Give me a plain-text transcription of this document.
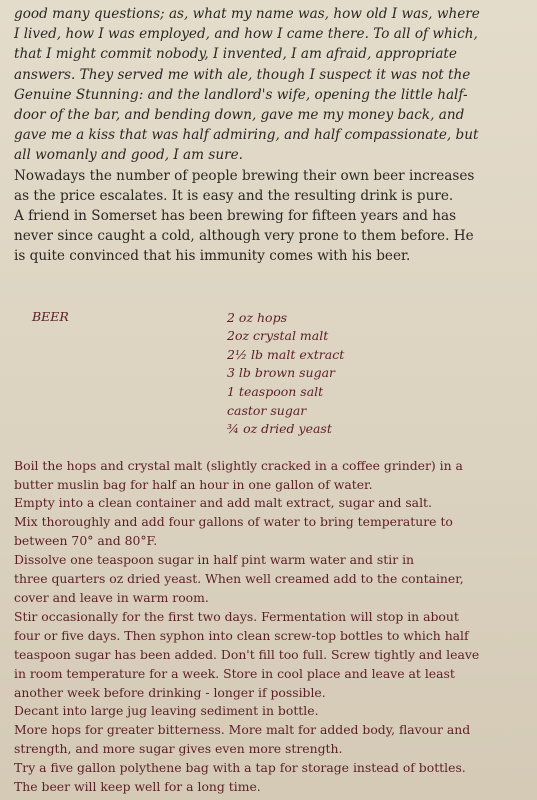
good many questions; as, what my name was, how old I was, where
I lived, how I was employed, and how I came there. To all of which,
that I might commit nobody, I invented, I am afraid, appropriate
answers. They served me with ale, though I suspect it was not the
Genuine Stunning: and the landlord's wife, opening the little half-
door of the bar, and bending down, gave me my money back, and
gave me a kiss that was half admiring, and half compassionate, but
all womanly and good, I am sure.

Nowadays the number of people brewing their own beer increases
as the price escalates. It is easy and the resulting drink is pure.
A friend in Somerset has been brewing for fifteen years and has
never since caught a cold, although very prone to them before. He
is quite convinced that his immunity comes with his beer.

BEER	2 oz hops
2oz crystal malt
2½ lb malt extract
3 lb brown sugar
1 teaspoon salt
castor sugar
¾ oz dried yeast
Boil the hops and crystal malt (slightly cracked in a coffee grinder) in a
butter muslin bag for half an hour in one gallon of water.
Empty into a clean container and add malt extract, sugar and salt.
Mix thoroughly and add four gallons of water to bring temperature to
between 70° and 80°F.
Dissolve one teaspoon sugar in half pint warm water and stir in
three quarters oz dried yeast. When well creamed add to the container,
cover and leave in warm room.
Stir occasionally for the first two days. Fermentation will stop in about
four or five days. Then syphon into clean screw-top bottles to which half
teaspoon sugar has been added. Don't fill too full. Screw tightly and leave
in room temperature for a week. Store in cool place and leave at least
another week before drinking - longer if possible.
Decant into large jug leaving sediment in bottle.
More hops for greater bitterness. More malt for added body, flavour and
strength, and more sugar gives even more strength.
Try a five gallon polythene bag with a tap for storage instead of bottles.
The beer will keep well for a long time.
